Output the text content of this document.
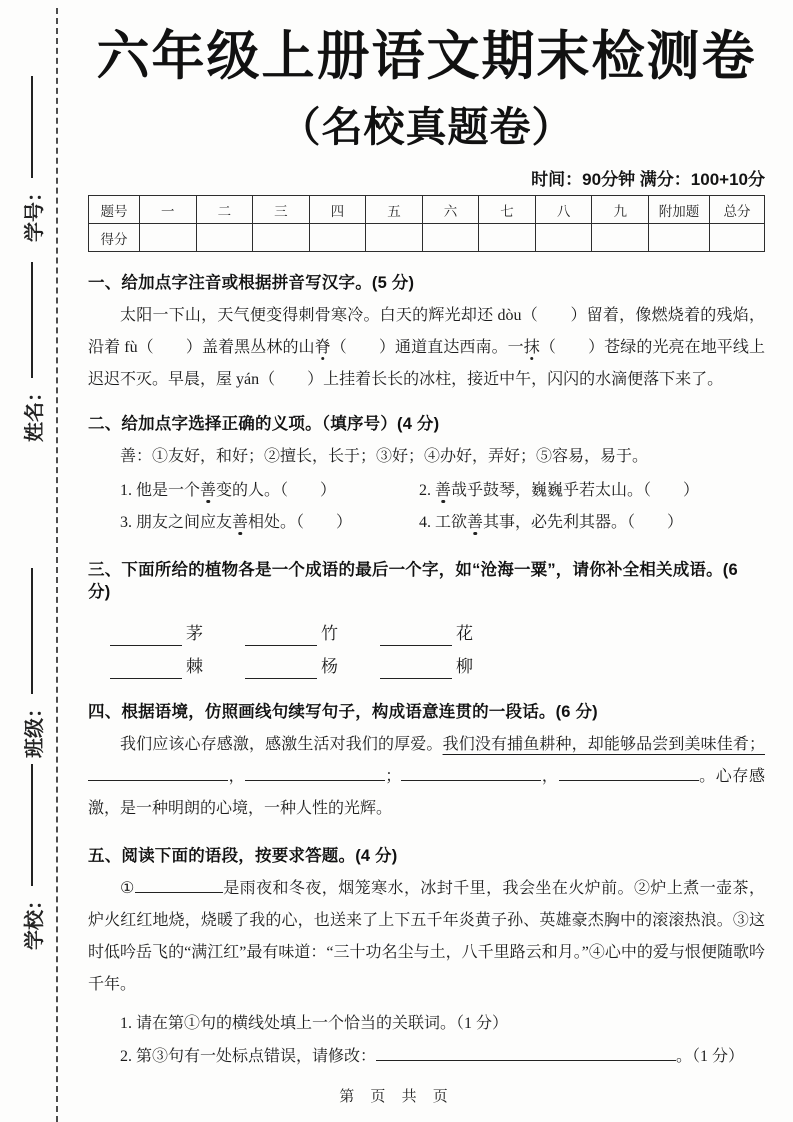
学号：
姓名：
班级：
学校：
六年级上册语文期末检测卷
（名校真题卷）
时间：90分钟 满分：100+10分
题号	一	二	三	四	五	六	七	八	九	附加题	总分
得分											
一、给加点字注音或根据拼音写汉字。(5 分)

太阳一下山，天气便变得刺骨寒冷。白天的辉光却还 dòu（　　）留着，像燃烧着的残焰，沿着 fù（　　）盖着黑丛林的山脊（　　）通道直达西南。一抹（　　）苍绿的光亮在地平线上迟迟不灭。早晨，屋 yán（　　）上挂着长长的冰柱，接近中午，闪闪的水滴便落下来了。

二、给加点字选择正确的义项。（填序号）(4 分)

善：①友好，和好；②擅长，长于；③好；④办好，弄好；⑤容易，易于。

1. 他是一个善变的人。（　　）	2. 善哉乎鼓琴，巍巍乎若太山。（　　）
3. 朋友之间应友善相处。（　　）	4. 工欲善其事，必先利其器。（　　）
三、下面所给的植物各是一个成语的最后一个字，如“沧海一粟”，请你补全相关成语。(6 分)
茅	竹	花
棘	杨	柳
四、根据语境，仿照画线句续写句子，构成语意连贯的一段话。(6 分)

我们应该心存感激，感激生活对我们的厚爱。我们没有捕鱼耕种，却能够品尝到美味佳肴；，	；	，	。心存感激，是一种明朗的心境，一种人性的光辉。

五、阅读下面的语段，按要求答题。(4 分)

①	是雨夜和冬夜，烟笼寒水，冰封千里，我会坐在火炉前。②炉上煮一壶茶，炉火红红地烧，烧暖了我的心，也送来了上下五千年炎黄子孙、英雄豪杰胸中的滚滚热浪。③这时低吟岳飞的“满江红”最有味道：“三十功名尘与土，八千里路云和月。”④心中的爱与恨便随歌吟千年。

1. 请在第①句的横线处填上一个恰当的关联词。（1 分）

2. 第③句有一处标点错误，请修改：	。（1 分）

第 页 共 页
